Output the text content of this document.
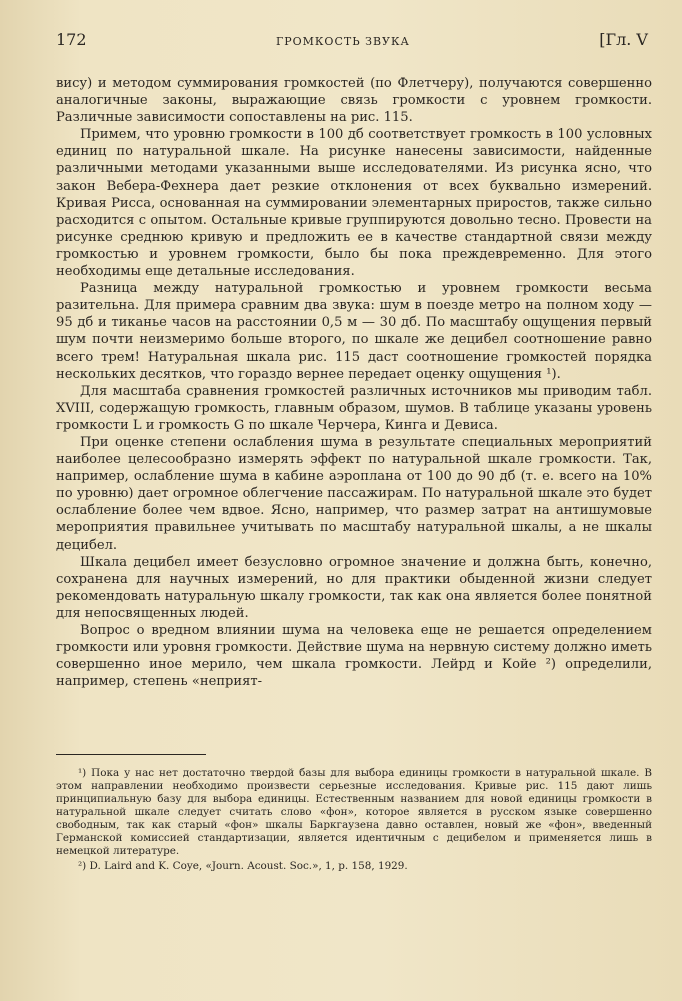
172	ГРОМКОСТЬ ЗВУКА	[Гл. V

вису) и методом суммирования громкостей (по Флетчеру), получаются совершенно аналогичные законы, выражающие связь громкости с уровнем громкости. Различные зависимости сопоставлены на рис. 115.

Примем, что уровню громкости в 100 дб соответствует громкость в 100 условных единиц по натуральной шкале. На рисунке нанесены зависимости, найденные различными методами указанными выше исследователями. Из рисунка ясно, что закон Вебера-Фехнера дает резкие отклонения от всех буквально измерений. Кривая Рисса, основанная на суммировании элементарных приростов, также сильно расходится с опытом. Остальные кривые группируются довольно тесно. Провести на рисунке среднюю кривую и предложить ее в качестве стандартной связи между громкостью и уровнем громкости, было бы пока преждевременно. Для этого необходимы еще детальные исследования.

Разница между натуральной громкостью и уровнем громкости весьма разительна. Для примера сравним два звука: шум в поезде метро на полном ходу — 95 дб и тиканье часов на расстоянии 0,5 м — 30 дб. По масштабу ощущения первый шум почти неизмеримо больше второго, по шкале же децибел соотношение равно всего трем! Натуральная шкала рис. 115 даст соотношение громкостей порядка нескольких десятков, что гораздо вернее передает оценку ощущения ¹).

Для масштаба сравнения громкостей различных источников мы приводим табл. XVIII, содержащую громкость, главным образом, шумов. В таблице указаны уровень громкости L и громкость G по шкале Черчера, Кинга и Девиса.

При оценке степени ослабления шума в результате специальных мероприятий наиболее целесообразно измерять эффект по натуральной шкале громкости. Так, например, ослабление шума в кабине аэроплана от 100 до 90 дб (т. е. всего на 10% по уровню) дает огромное облегчение пассажирам. По натуральной шкале это будет ослабление более чем вдвое. Ясно, например, что размер затрат на антишумовые мероприятия правильнее учитывать по масштабу натуральной шкалы, а не шкалы децибел.

Шкала децибел имеет безусловно огромное значение и должна быть, конечно, сохранена для научных измерений, но для практики обыденной жизни следует рекомендовать натуральную шкалу громкости, так как она является более понятной для непосвященных людей.

Вопрос о вредном влиянии шума на человека еще не решается определением громкости или уровня громкости. Действие шума на нервную систему должно иметь совершенно иное мерило, чем шкала громкости. Лейрд и Койе ²) определили, например, степень «неприят-

¹) Пока у нас нет достаточно твердой базы для выбора единицы громкости в натуральной шкале. В этом направлении необходимо произвести серьезные исследования. Кривые рис. 115 дают лишь принципиальную базу для выбора единицы. Естественным названием для новой единицы громкости в натуральной шкале следует считать слово «фон», которое является в русском языке совершенно свободным, так как старый «фон» шкалы Баркгаузена давно оставлен, новый же «фон», введенный Германской комиссией стандартизации, является идентичным с децибелом и применяется лишь в немецкой литературе.

²) D. Laird and K. Coye, «Journ. Acoust. Soc.», 1, p. 158, 1929.
